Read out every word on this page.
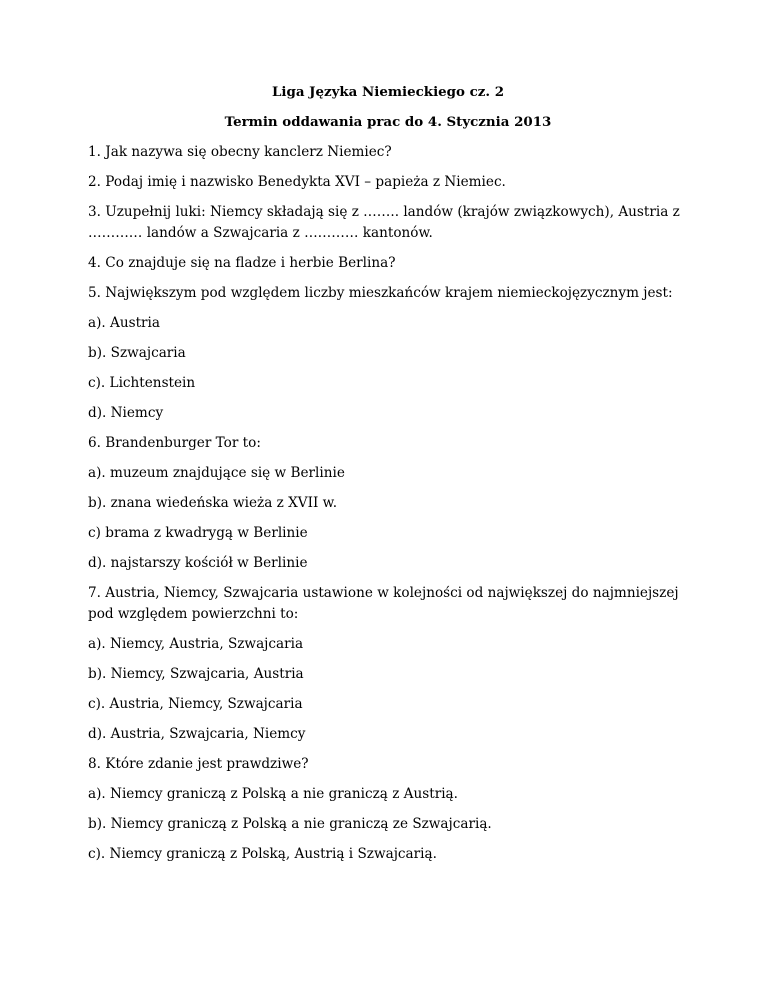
Liga Języka Niemieckiego cz. 2

Termin oddawania prac do 4. Stycznia 2013

1. Jak nazywa się obecny kanclerz Niemiec?

2. Podaj imię i nazwisko Benedykta XVI – papieża z Niemiec.

3. Uzupełnij luki: Niemcy składają się z …….. landów (krajów związkowych), Austria z ………… landów a Szwajcaria z ………… kantonów.

4. Co znajduje się na fladze i herbie Berlina?

5. Największym pod względem liczby mieszkańców krajem niemieckojęzycznym jest:

a). Austria

b). Szwajcaria

c). Lichtenstein

d). Niemcy

6. Brandenburger Tor to:

a). muzeum znajdujące się w Berlinie

b). znana wiedeńska wieża z XVII w.

c) brama z kwadrygą w Berlinie

d). najstarszy kościół w Berlinie

7. Austria, Niemcy, Szwajcaria ustawione w kolejności od największej do najmniejszej pod względem powierzchni to:

a). Niemcy, Austria, Szwajcaria

b). Niemcy, Szwajcaria, Austria

c). Austria, Niemcy, Szwajcaria

d). Austria, Szwajcaria, Niemcy

8. Które zdanie jest prawdziwe?

a). Niemcy graniczą z Polską a nie graniczą z Austrią.

b). Niemcy graniczą z Polską a nie graniczą ze Szwajcarią.

c). Niemcy graniczą z Polską, Austrią i Szwajcarią.
